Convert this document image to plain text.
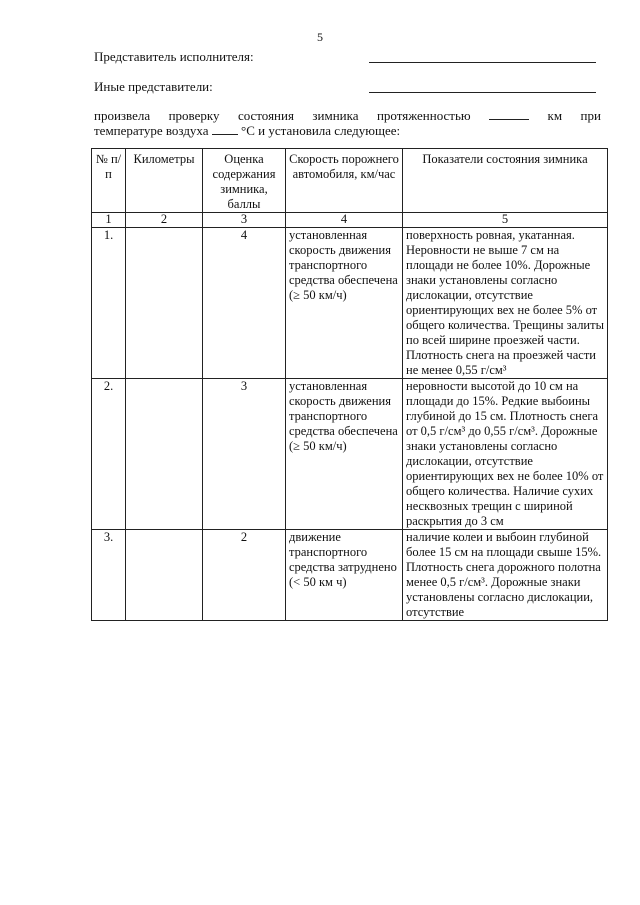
5
Представитель исполнителя:
Иные представители:
произвела проверку состояния зимника протяженностью	км при
температуре воздуха	°С и установила следующее:
№ п/п	Километры	Оценка содержания зимника, баллы	Скорость порожнего автомобиля, км/час	Показатели состояния зимника
1	2	3	4	5
1.		4	установленная скорость движения транспортного средства обеспечена (≥ 50 км/ч)	поверхность ровная, укатанная. Неровности не выше 7 см на площади не более 10%. Дорожные знаки установлены согласно дислокации, отсутствие ориентирующих вех не более 5% от общего количества. Трещины залиты по всей ширине проезжей части. Плотность снега на проезжей части не менее 0,55 г/см³
2.		3	установленная скорость движения транспортного средства обеспечена (≥ 50 км/ч)	неровности высотой до 10 см на площади до 15%. Редкие выбоины глубиной до 15 см. Плотность снега от 0,5 г/см³ до 0,55 г/см³. Дорожные знаки установлены согласно дислокации, отсутствие ориентирующих вех не более 10% от общего количества. Наличие сухих несквозных трещин с шириной раскрытия до 3 см
3.		2	движение транспортного средства затруднено (< 50 км ч)	наличие колеи и выбоин глубиной более 15 см на площади свыше 15%. Плотность снега дорожного полотна менее 0,5 г/см³. Дорожные знаки установлены согласно дислокации, отсутствие
